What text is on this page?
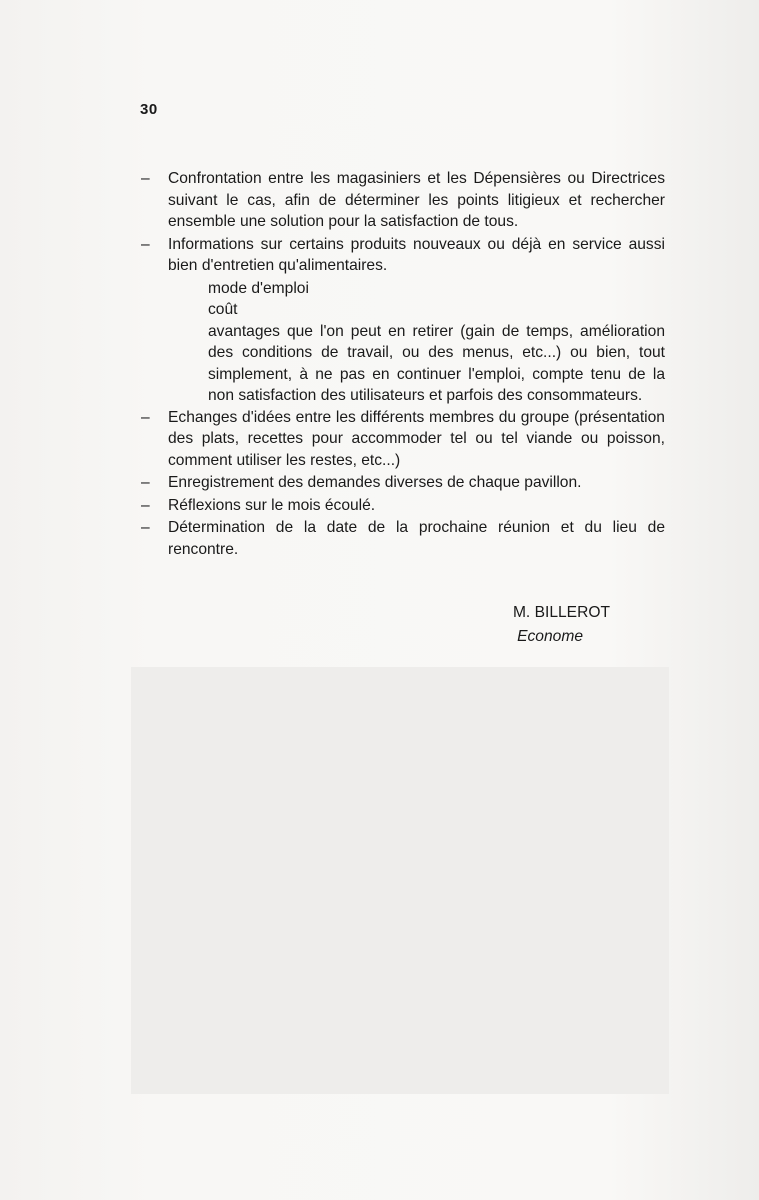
30
– Confrontation entre les magasiniers et les Dépensières ou Directrices suivant le cas, afin de déterminer les points litigieux et rechercher ensemble une solution pour la satisfaction de tous.
– Informations sur certains produits nouveaux ou déjà en service aussi bien d'entretien qu'alimentaires.
mode d'emploi
coût
avantages que l'on peut en retirer (gain de temps, amélioration des conditions de travail, ou des menus, etc...) ou bien, tout simplement, à ne pas en continuer l'emploi, compte tenu de la non satisfaction des utilisateurs et parfois des consommateurs.
– Echanges d'idées entre les différents membres du groupe (présentation des plats, recettes pour accommoder tel ou tel viande ou poisson, comment utiliser les restes, etc...)
– Enregistrement des demandes diverses de chaque pavillon.
– Réflexions sur le mois écoulé.
– Détermination de la date de la prochaine réunion et du lieu de rencontre.
M. BILLEROT
Econome
